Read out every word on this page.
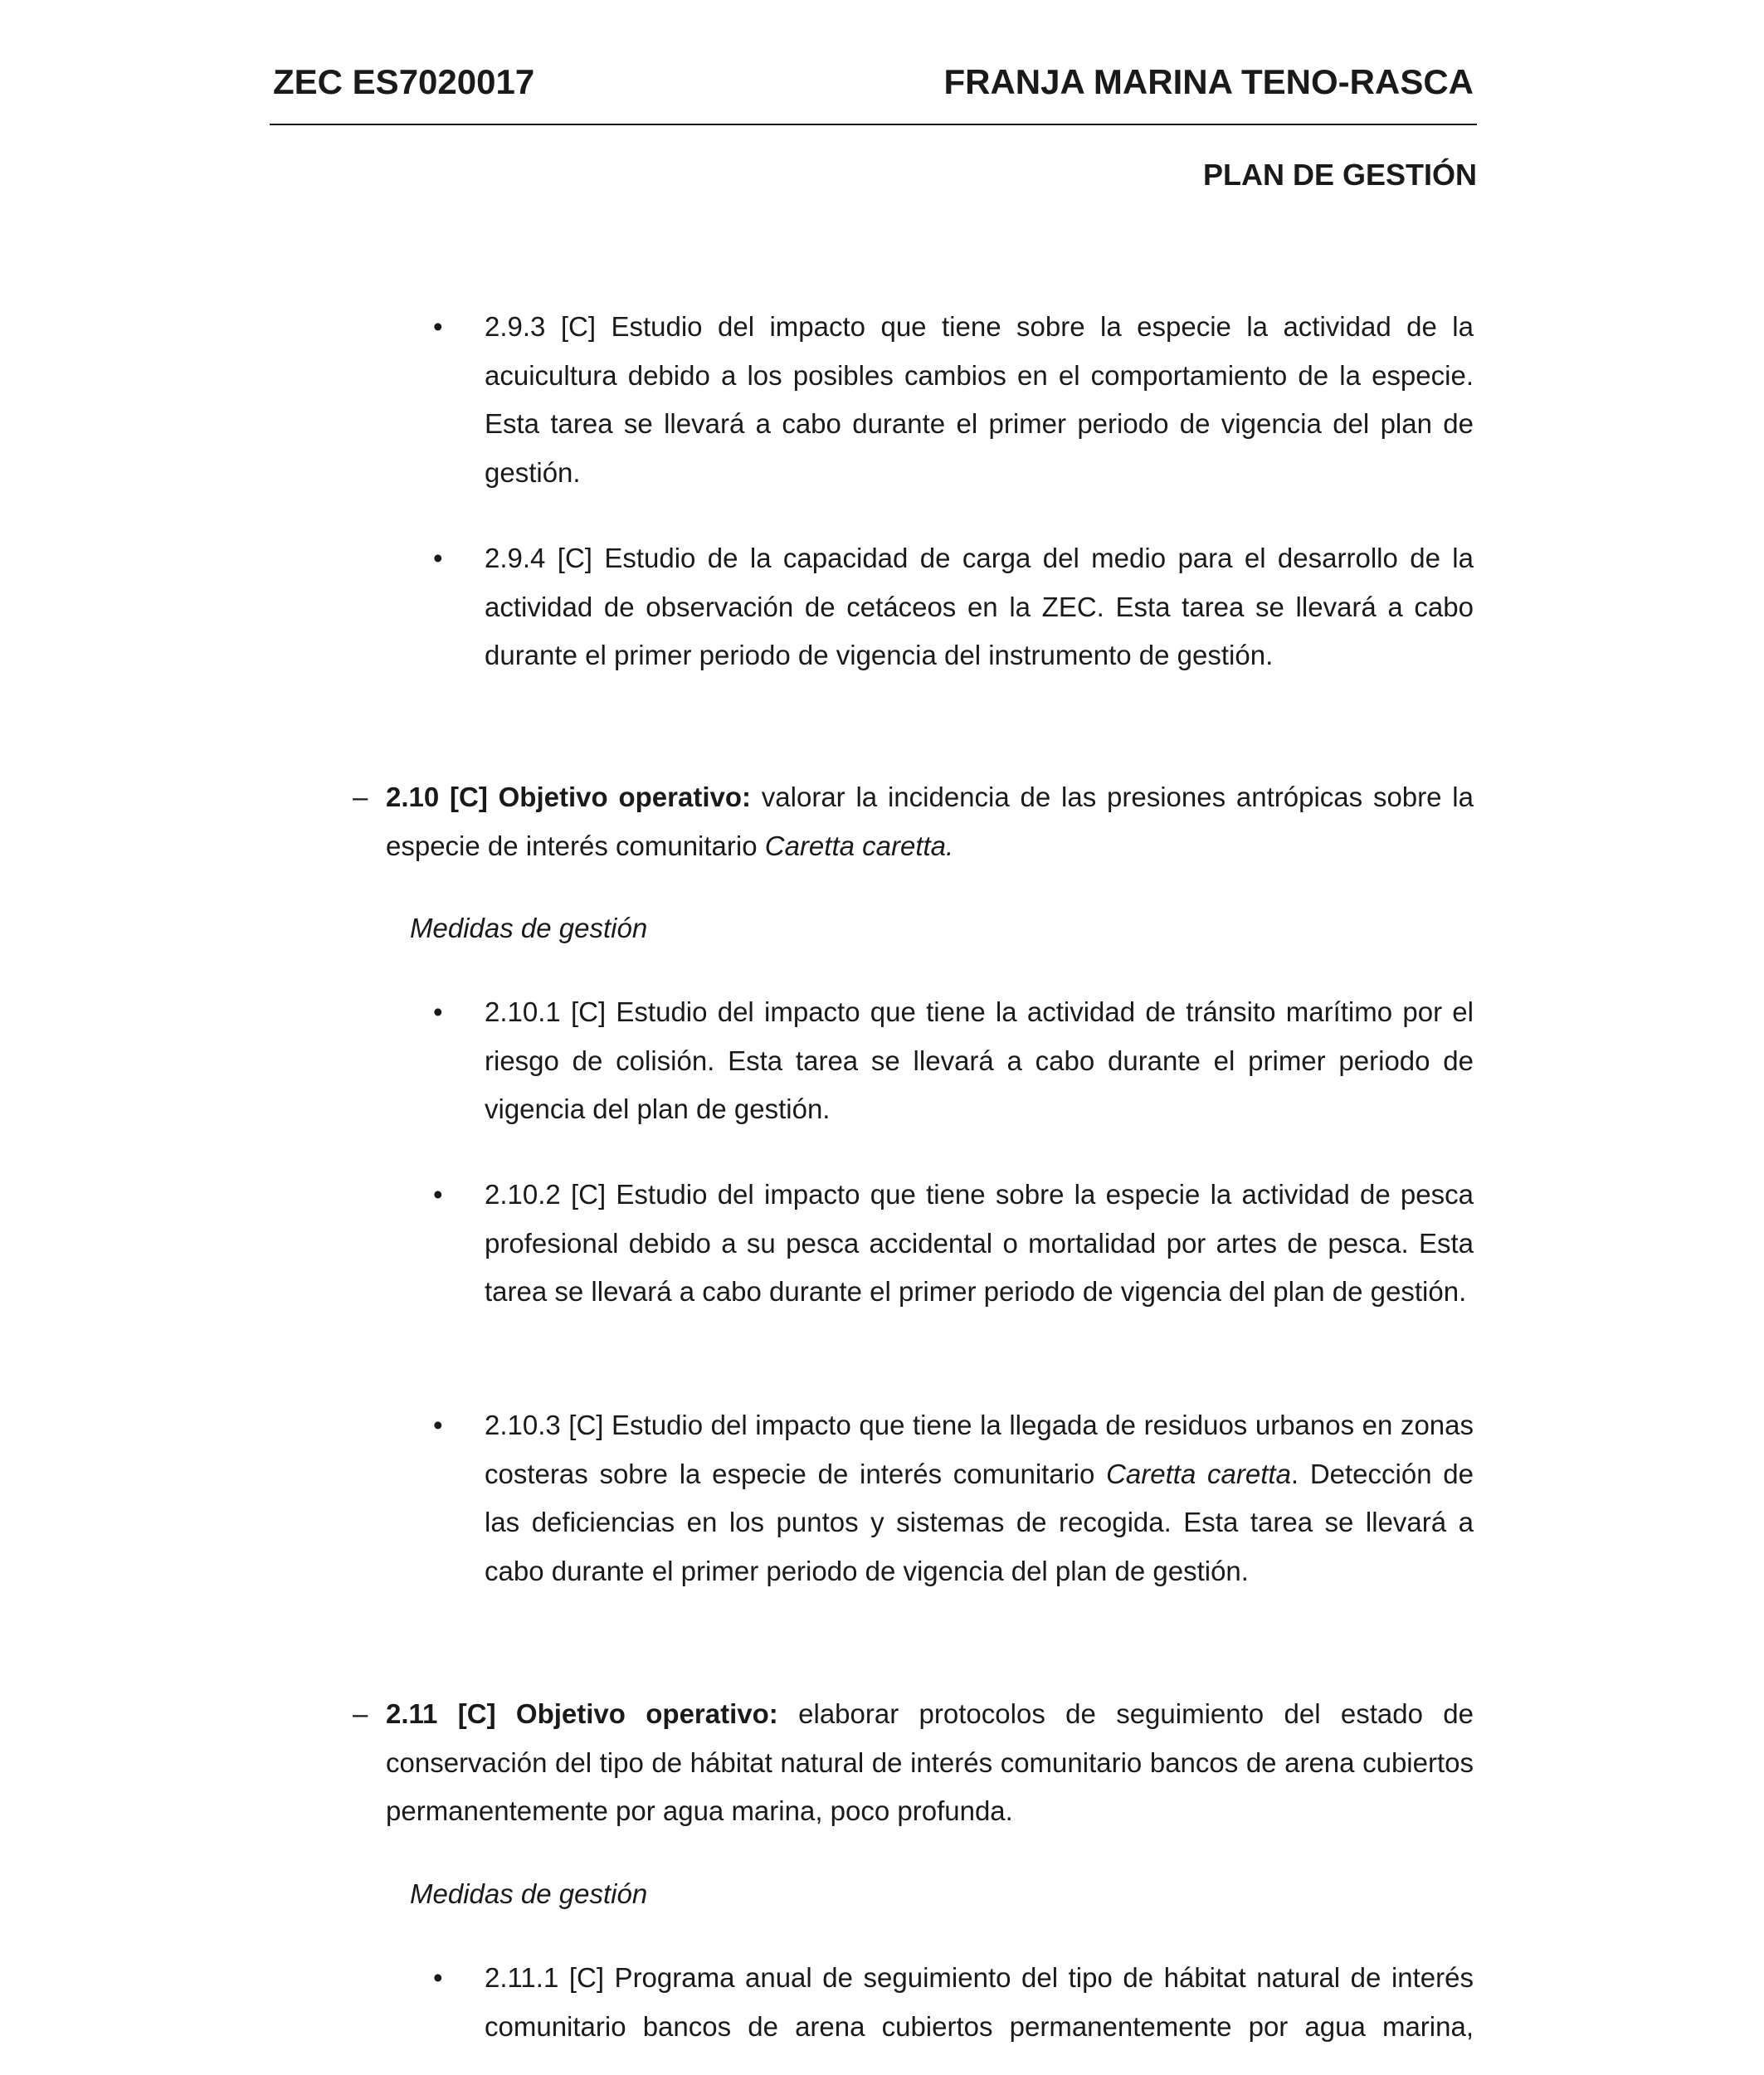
ZEC ES7020017	FRANJA MARINA TENO-RASCA
PLAN DE GESTIÓN
• 2.9.3 [C] Estudio del impacto que tiene sobre la especie la actividad de la acuicultura debido a los posibles cambios en el comportamiento de la especie. Esta tarea se llevará a cabo durante el primer periodo de vigencia del plan de gestión.

• 2.9.4 [C] Estudio de la capacidad de carga del medio para el desarrollo de la actividad de observación de cetáceos en la ZEC. Esta tarea se llevará a cabo durante el primer periodo de vigencia del instrumento de gestión.

– 2.10 [C] Objetivo operativo: valorar la incidencia de las presiones antrópicas sobre la especie de interés comunitario Caretta caretta.

Medidas de gestión
• 2.10.1 [C] Estudio del impacto que tiene la actividad de tránsito marítimo por el riesgo de colisión. Esta tarea se llevará a cabo durante el primer periodo de vigencia del plan de gestión.

• 2.10.2 [C] Estudio del impacto que tiene sobre la especie la actividad de pesca profesional debido a su pesca accidental o mortalidad por artes de pesca. Esta tarea se llevará a cabo durante el primer periodo de vigencia del plan de gestión.

• 2.10.3 [C] Estudio del impacto que tiene la llegada de residuos urbanos en zonas costeras sobre la especie de interés comunitario Caretta caretta. Detección de las deficiencias en los puntos y sistemas de recogida. Esta tarea se llevará a cabo durante el primer periodo de vigencia del plan de gestión.

– 2.11 [C] Objetivo operativo: elaborar protocolos de seguimiento del estado de conservación del tipo de hábitat natural de interés comunitario bancos de arena cubiertos permanentemente por agua marina, poco profunda.

Medidas de gestión
• 2.11.1 [C] Programa anual de seguimiento del tipo de hábitat natural de interés comunitario bancos de arena cubiertos permanentemente por agua marina,
